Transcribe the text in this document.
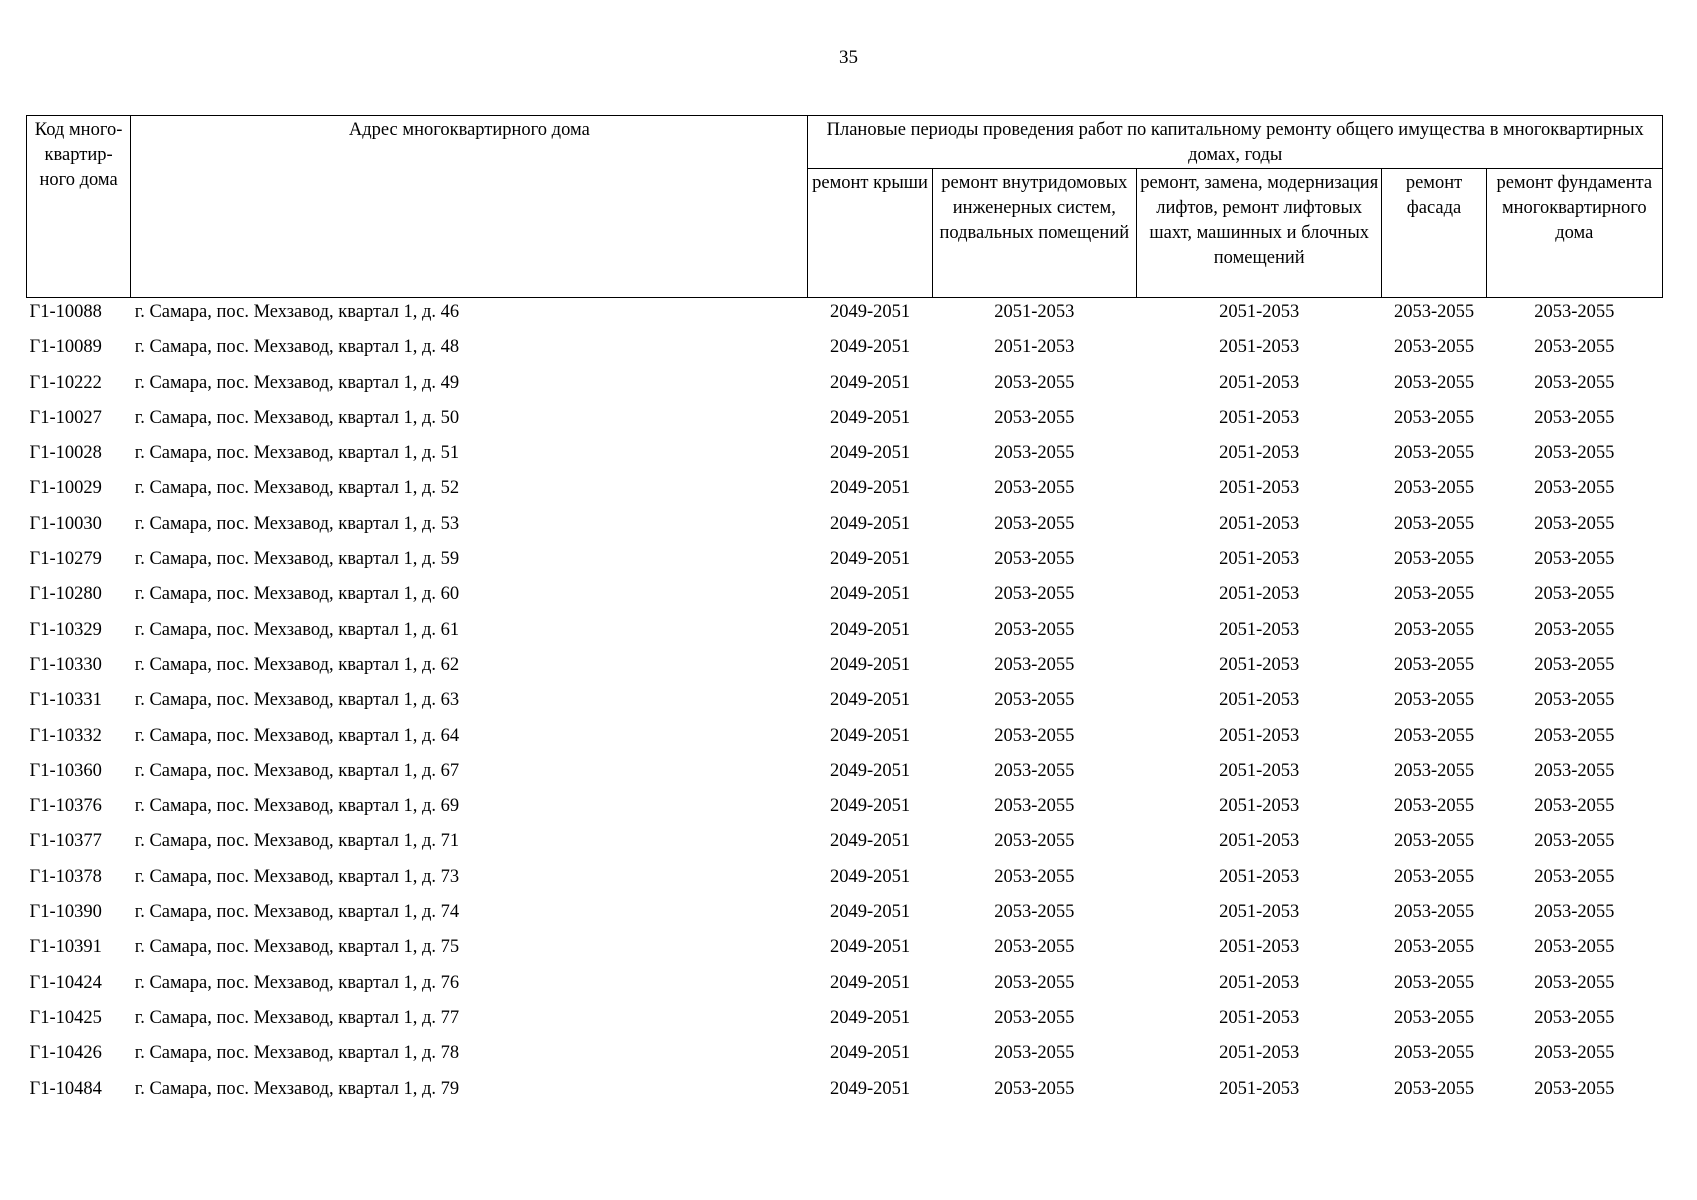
35
Код много-квартир-ного дома	Адрес многоквартирного дома	Плановые периоды проведения работ по капитальному ремонту общего имущества в многоквартирных домах, годы				
		ремонт крыши	ремонт внутридомовых инженерных систем, подвальных помещений	ремонт, замена, модернизация лифтов, ремонт лифтовых шахт, машинных и блочных помещений	ремонт фасада	ремонт фундамента многоквартирного дома
Г1-10088	г. Самара, пос. Мехзавод, квартал 1, д. 46	2049-2051	2051-2053	2051-2053	2053-2055	2053-2055
Г1-10089	г. Самара, пос. Мехзавод, квартал 1, д. 48	2049-2051	2051-2053	2051-2053	2053-2055	2053-2055
Г1-10222	г. Самара, пос. Мехзавод, квартал 1, д. 49	2049-2051	2053-2055	2051-2053	2053-2055	2053-2055
Г1-10027	г. Самара, пос. Мехзавод, квартал 1, д. 50	2049-2051	2053-2055	2051-2053	2053-2055	2053-2055
Г1-10028	г. Самара, пос. Мехзавод, квартал 1, д. 51	2049-2051	2053-2055	2051-2053	2053-2055	2053-2055
Г1-10029	г. Самара, пос. Мехзавод, квартал 1, д. 52	2049-2051	2053-2055	2051-2053	2053-2055	2053-2055
Г1-10030	г. Самара, пос. Мехзавод, квартал 1, д. 53	2049-2051	2053-2055	2051-2053	2053-2055	2053-2055
Г1-10279	г. Самара, пос. Мехзавод, квартал 1, д. 59	2049-2051	2053-2055	2051-2053	2053-2055	2053-2055
Г1-10280	г. Самара, пос. Мехзавод, квартал 1, д. 60	2049-2051	2053-2055	2051-2053	2053-2055	2053-2055
Г1-10329	г. Самара, пос. Мехзавод, квартал 1, д. 61	2049-2051	2053-2055	2051-2053	2053-2055	2053-2055
Г1-10330	г. Самара, пос. Мехзавод, квартал 1, д. 62	2049-2051	2053-2055	2051-2053	2053-2055	2053-2055
Г1-10331	г. Самара, пос. Мехзавод, квартал 1, д. 63	2049-2051	2053-2055	2051-2053	2053-2055	2053-2055
Г1-10332	г. Самара, пос. Мехзавод, квартал 1, д. 64	2049-2051	2053-2055	2051-2053	2053-2055	2053-2055
Г1-10360	г. Самара, пос. Мехзавод, квартал 1, д. 67	2049-2051	2053-2055	2051-2053	2053-2055	2053-2055
Г1-10376	г. Самара, пос. Мехзавод, квартал 1, д. 69	2049-2051	2053-2055	2051-2053	2053-2055	2053-2055
Г1-10377	г. Самара, пос. Мехзавод, квартал 1, д. 71	2049-2051	2053-2055	2051-2053	2053-2055	2053-2055
Г1-10378	г. Самара, пос. Мехзавод, квартал 1, д. 73	2049-2051	2053-2055	2051-2053	2053-2055	2053-2055
Г1-10390	г. Самара, пос. Мехзавод, квартал 1, д. 74	2049-2051	2053-2055	2051-2053	2053-2055	2053-2055
Г1-10391	г. Самара, пос. Мехзавод, квартал 1, д. 75	2049-2051	2053-2055	2051-2053	2053-2055	2053-2055
Г1-10424	г. Самара, пос. Мехзавод, квартал 1, д. 76	2049-2051	2053-2055	2051-2053	2053-2055	2053-2055
Г1-10425	г. Самара, пос. Мехзавод, квартал 1, д. 77	2049-2051	2053-2055	2051-2053	2053-2055	2053-2055
Г1-10426	г. Самара, пос. Мехзавод, квартал 1, д. 78	2049-2051	2053-2055	2051-2053	2053-2055	2053-2055
Г1-10484	г. Самара, пос. Мехзавод, квартал 1, д. 79	2049-2051	2053-2055	2051-2053	2053-2055	2053-2055
